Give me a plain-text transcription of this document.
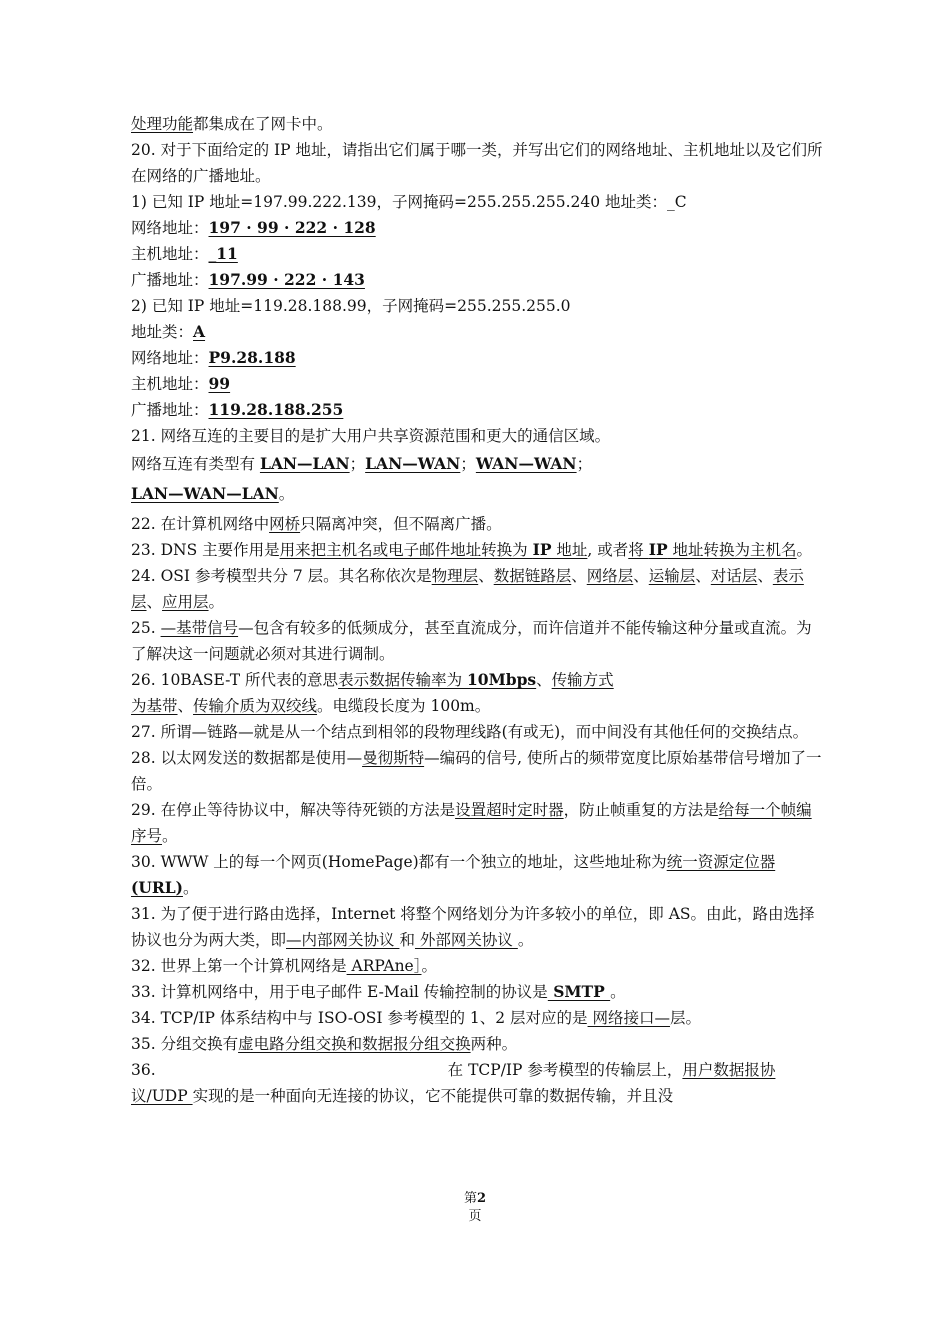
处理功能都集成在了网卡中。

20. 对于下面给定的 IP 地址，请指出它们属于哪一类，并写出它们的网络地址、主机地址以及它们所在网络的广播地址。

1) 已知 IP 地址=197.99.222.139，子网掩码=255.255.255.240 地址类：_C

网络地址：197 · 99 · 222 · 128

主机地址：_11

广播地址：197.99 · 222 · 143

2) 已知 IP 地址=119.28.188.99，子网掩码=255.255.255.0

地址类：A

网络地址：P9.28.188

主机地址：99

广播地址：119.28.188.255

21. 网络互连的主要目的是扩大用户共享资源范围和更大的通信区域。

网络互连有类型有 LAN—LAN；LAN—WAN；WAN—WAN；
LAN—WAN—LAN。

22. 在计算机网络中网桥只隔离冲突，但不隔离广播。

23. DNS 主要作用是用来把主机名或电子邮件地址转换为 IP 地址, 或者将 IP 地址转换为主机名。

24. OSI 参考模型共分 7 层。其名称依次是物理层、数据链路层、网络层、运输层、对话层、表示层、应用层。

25. —基带信号—包含有较多的低频成分，甚至直流成分，而许信道并不能传输这种分量或直流。为了解决这一问题就必须对其进行调制。

26. 10BASE-T 所代表的意思表示数据传输率为 10Mbps、传输方式
为基带、传输介质为双绞线。电缆段长度为 100m。

27. 所谓—链路—就是从一个结点到相邻的段物理线路(有或无)，而中间没有其他任何的交换结点。

28. 以太网发送的数据都是使用—曼彻斯特—编码的信号, 使所占的频带宽度比原始基带信号增加了一倍。

29. 在停止等待协议中，解决等待死锁的方法是设置超时定时器，防止帧重复的方法是给每一个帧编序号。

30. WWW 上的每一个网页(HomePage)都有一个独立的地址，这些地址称为统一资源定位器(URL)。

31. 为了便于进行路由选择，Internet 将整个网络划分为许多较小的单位，即 AS。由此，路由选择协议也分为两大类，即—内部网关协议 和 外部网关协议 。

32. 世界上第一个计算机网络是 ARPAne］。

33. 计算机网络中，用于电子邮件 E-Mail 传输控制的协议是 SMTP 。

34. TCP/IP 体系结构中与 ISO-OSI 参考模型的 1、2 层对应的是 网络接口—层。

35. 分组交换有虚电路分组交换和数据报分组交换两种。

36.	在 TCP/IP 参考模型的传输层上，用户数据报协议/UDP 实现的是一种面向无连接的协议，它不能提供可靠的数据传输，并且没

第2
页
